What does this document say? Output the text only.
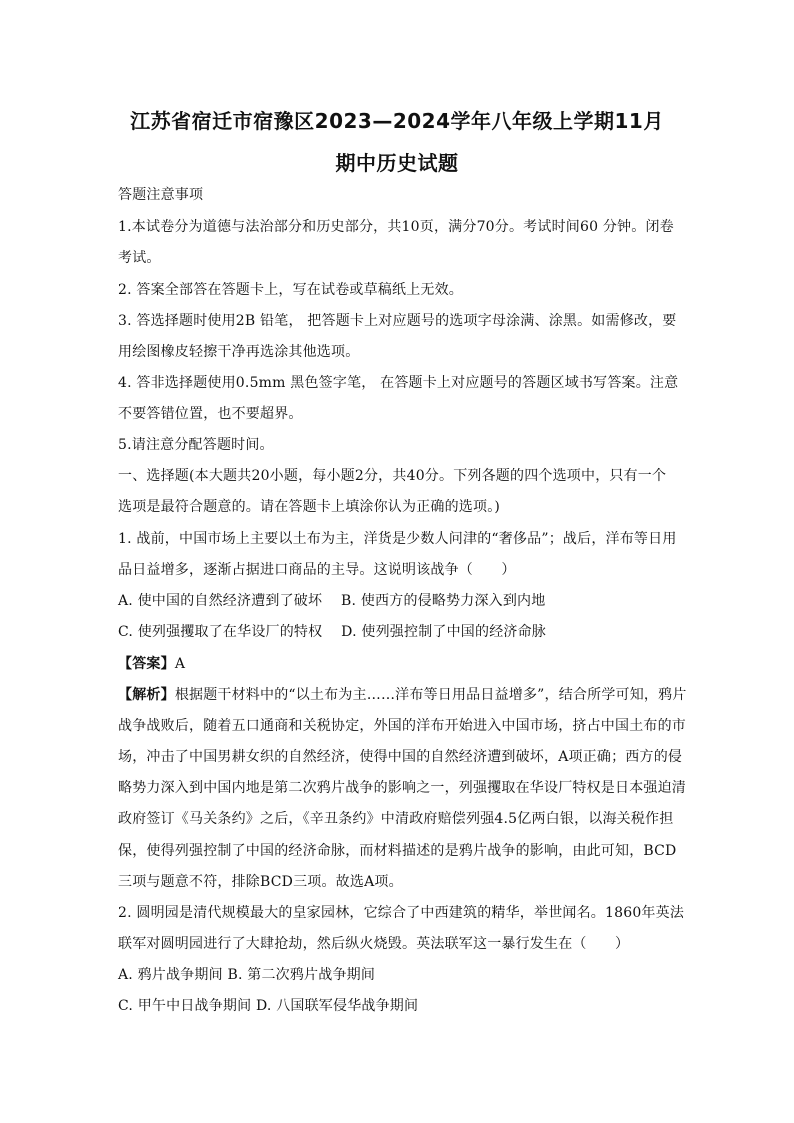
江苏省宿迁市宿豫区2023—2024学年八年级上学期11月
期中历史试题
答题注意事项
1.本试卷分为道德与法治部分和历史部分，共10页，满分70分。考试时间60 分钟。闭卷
考试。
2. 答案全部答在答题卡上，写在试卷或草稿纸上无效。
3. 答选择题时使用2B 铅笔， 把答题卡上对应题号的选项字母涂满、涂黑。如需修改，要
用绘图橡皮轻擦干净再选涂其他选项。
4. 答非选择题使用0.5mm 黑色签字笔， 在答题卡上对应题号的答题区域书写答案。注意
不要答错位置，也不要超界。
5.请注意分配答题时间。
一、选择题(本大题共20小题，每小题2分，共40分。下列各题的四个选项中，只有一个
选项是最符合题意的。请在答题卡上填涂你认为正确的选项。)
1. 战前，中国市场上主要以土布为主，洋货是少数人问津的“奢侈品”；战后，洋布等日用
品日益增多，逐渐占据进口商品的主导。这说明该战争（　　）
A. 使中国的自然经济遭到了破坏　 B. 使西方的侵略势力深入到内地
C. 使列强攫取了在华设厂的特权　 D. 使列强控制了中国的经济命脉
【答案】A
【解析】根据题干材料中的“以土布为主……洋布等日用品日益增多”，结合所学可知，鸦片
战争战败后，随着五口通商和关税协定，外国的洋布开始进入中国市场，挤占中国土布的市
场，冲击了中国男耕女织的自然经济，使得中国的自然经济遭到破坏，A项正确；西方的侵
略势力深入到中国内地是第二次鸦片战争的影响之一，列强攫取在华设厂特权是日本强迫清
政府签订《马关条约》之后，《辛丑条约》中清政府赔偿列强4.5亿两白银，以海关税作担
保，使得列强控制了中国的经济命脉，而材料描述的是鸦片战争的影响，由此可知，BCD
三项与题意不符，排除BCD三项。故选A项。
2. 圆明园是清代规模最大的皇家园林，它综合了中西建筑的精华，举世闻名。1860年英法
联军对圆明园进行了大肆抢劫，然后纵火烧毁。英法联军这一暴行发生在（　　）
A. 鸦片战争期间 B. 第二次鸦片战争期间
C. 甲午中日战争期间 D. 八国联军侵华战争期间
